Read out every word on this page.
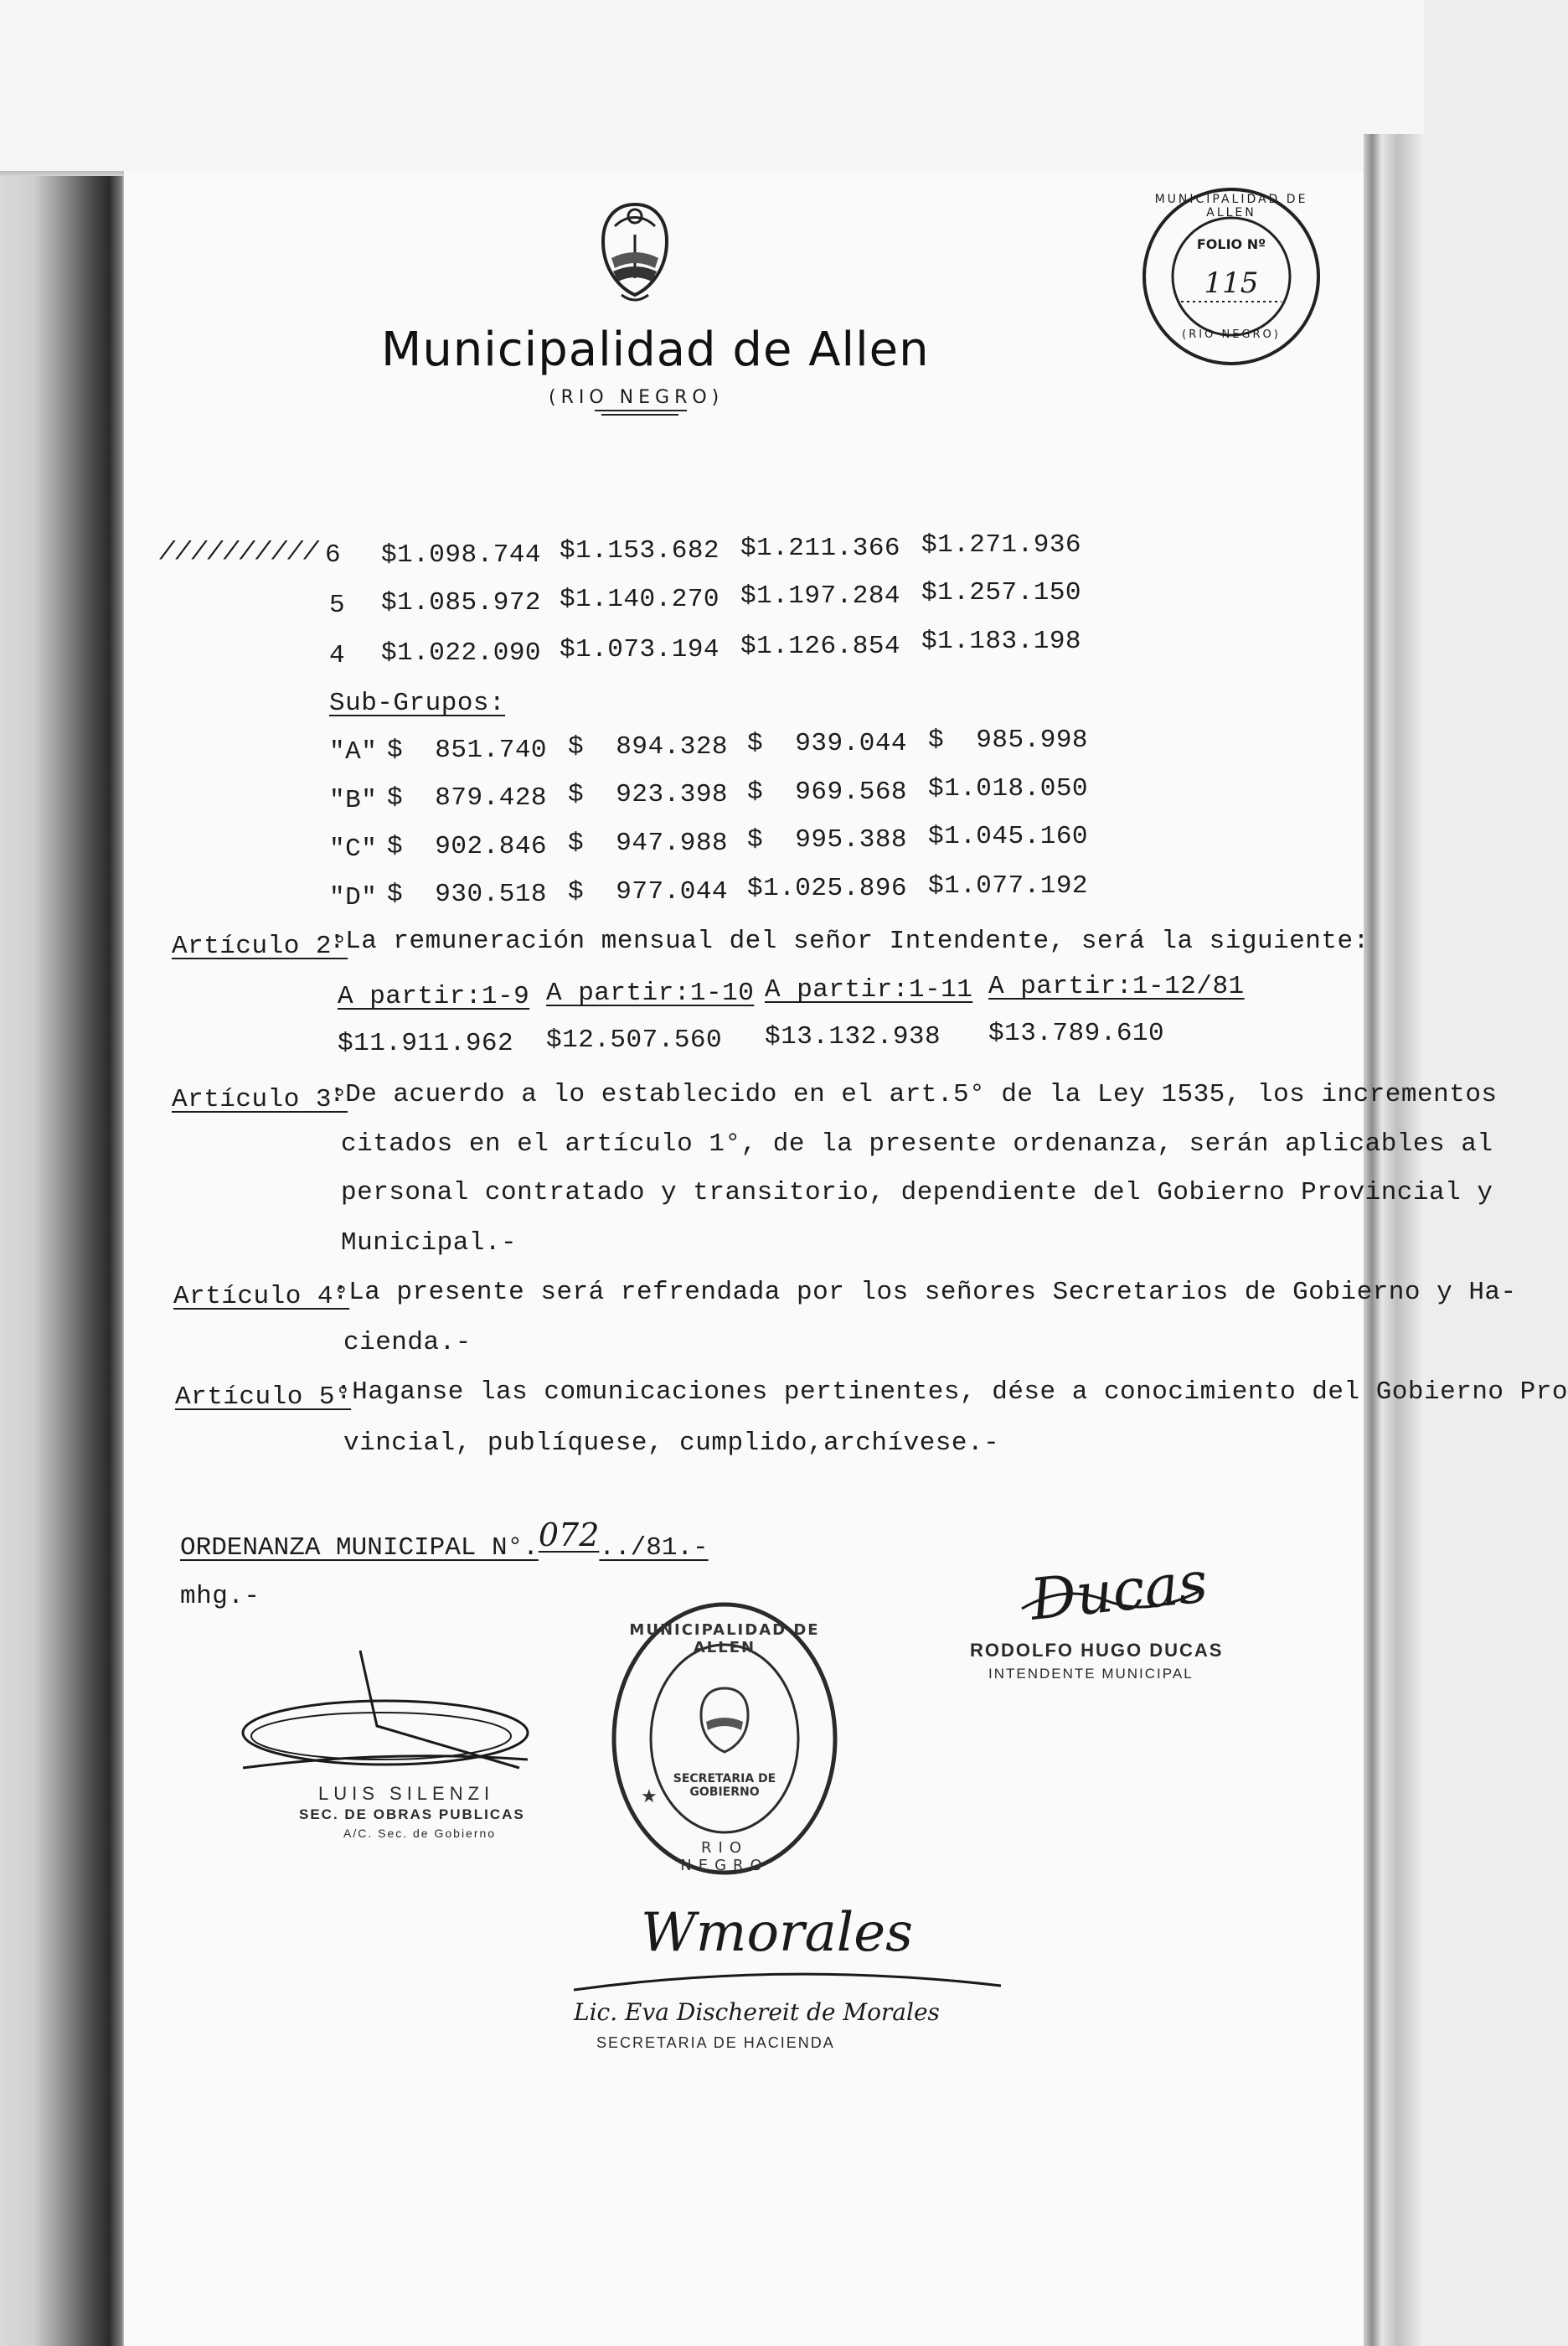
Municipalidad de Allen
(RIO NEGRO)
MUNICIPALIDAD DE ALLEN
FOLIO Nº
115
(RIO NEGRO)
////////// 6 $1.098.744 $1.153.682 $1.211.366 $1.271.936
5 $1.085.972 $1.140.270 $1.197.284 $1.257.150
4 $1.022.090 $1.073.194 $1.126.854 $1.183.198
Sub-Grupos:
"A" $  851.740 $  894.328 $  939.044 $  985.998
"B" $  879.428 $  923.398 $  969.568 $1.018.050
"C" $  902.846 $  947.988 $  995.388 $1.045.160
"D" $  930.518 $  977.044 $1.025.896 $1.077.192
Artículo 2°
:La remuneración mensual del señor Intendente, será la siguiente:
A partir:1-9 A partir:1-10 A partir:1-11 A partir:1-12/81
$11.911.962 $12.507.560 $13.132.938 $13.789.610
Artículo 3°
:De acuerdo a lo establecido en el art.5° de la Ley 1535, los incrementos
citados en el artículo 1°, de la presente ordenanza, serán aplicables al
personal contratado y transitorio, dependiente del Gobierno Provincial y
Municipal.-
Artículo 4°
:La presente será refrendada por los señores Secretarios de Gobierno y Ha-
cienda.-
Artículo 5°
:Haganse las comunicaciones pertinentes, dése a conocimiento del Gobierno Pro
vincial, publíquese, cumplido,archívese.-
ORDENANZA MUNICIPAL N°.072../81.-
mhg.-	Ducas
RODOLFO HUGO DUCAS
INTENDENTE MUNICIPAL
LUIS SILENZI
SEC. DE OBRAS PUBLICAS
A/C. Sec. de Gobierno
★
MUNICIPALIDAD DE ALLEN
SECRETARIA DE GOBIERNO
RIO NEGRO
Wmorales
Lic. Eva Dischereit de Morales
SECRETARIA DE HACIENDA
